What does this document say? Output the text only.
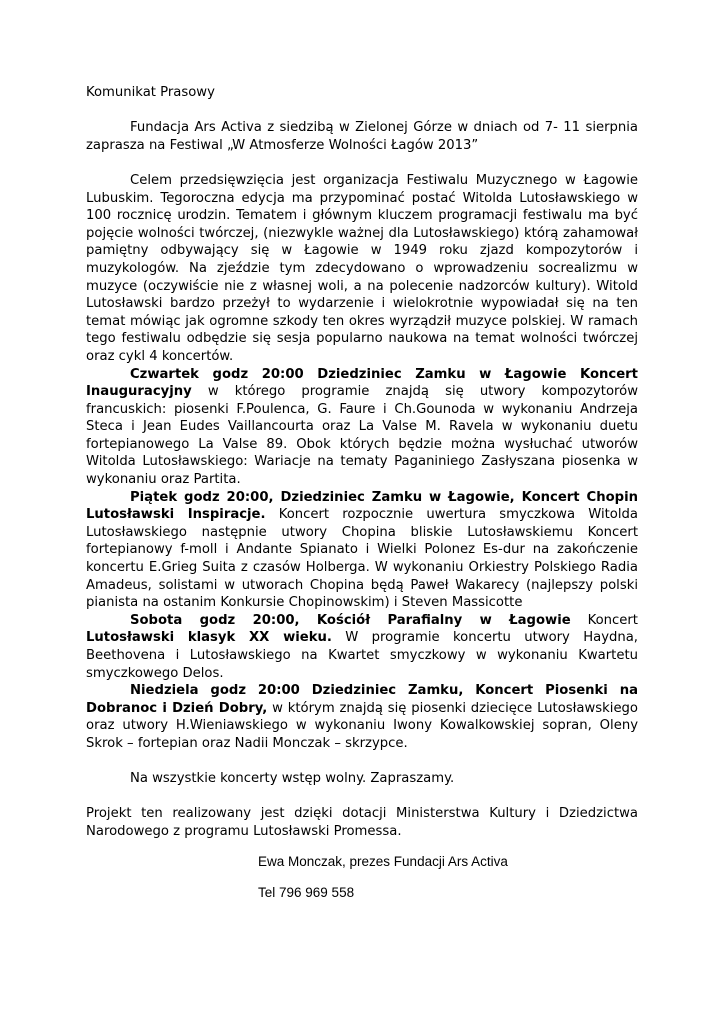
Komunikat Prasowy

Fundacja Ars Activa z siedzibą w Zielonej Górze w dniach od 7- 11 sierpnia zaprasza na Festiwal „W Atmosferze Wolności Łagów 2013”

Celem przedsięwzięcia jest organizacja Festiwalu Muzycznego w Łagowie Lubuskim. Tegoroczna edycja ma przypominać postać Witolda Lutosławskiego w 100 rocznicę urodzin. Tematem i głównym kluczem programacji festiwalu ma być pojęcie wolności twórczej, (niezwykle ważnej dla Lutosławskiego) którą zahamował pamiętny odbywający się w Łagowie w 1949 roku zjazd kompozytorów i muzykologów. Na zjeździe tym zdecydowano o wprowadzeniu socrealizmu w muzyce (oczywiście nie z własnej woli, a na polecenie nadzorców kultury). Witold Lutosławski bardzo przeżył to wydarzenie i wielokrotnie wypowiadał się na ten temat mówiąc jak ogromne szkody ten okres wyrządził muzyce polskiej. W ramach tego festiwalu odbędzie się sesja popularno naukowa na temat wolności twórczej oraz cykl 4 koncertów.

Czwartek godz 20:00 Dziedziniec Zamku w Łagowie Koncert Inauguracyjny w którego programie znajdą się utwory kompozytorów francuskich: piosenki F.Poulenca, G. Faure i Ch.Gounoda w wykonaniu Andrzeja Steca i Jean Eudes Vaillancourta oraz La Valse M. Ravela w wykonaniu duetu fortepianowego La Valse 89. Obok których będzie można wysłuchać utworów Witolda Lutosławskiego: Wariacje na tematy Paganiniego Zasłyszana piosenka w wykonaniu oraz Partita.

Piątek godz 20:00, Dziedziniec Zamku w Łagowie, Koncert Chopin Lutosławski Inspiracje. Koncert rozpocznie uwertura smyczkowa Witolda Lutosławskiego następnie utwory Chopina bliskie Lutosławskiemu Koncert fortepianowy f-moll i Andante Spianato i Wielki Polonez Es-dur na zakończenie koncertu E.Grieg Suita z czasów Holberga. W wykonaniu Orkiestry Polskiego Radia Amadeus, solistami w utworach Chopina będą Paweł Wakarecy (najlepszy polski pianista na ostanim Konkursie Chopinowskim) i Steven Massicotte

Sobota godz 20:00, Kościół Parafialny w Łagowie Koncert Lutosławski klasyk XX wieku. W programie koncertu utwory Haydna, Beethovena i Lutosławskiego na Kwartet smyczkowy w wykonaniu Kwartetu smyczkowego Delos.

Niedziela godz 20:00 Dziedziniec Zamku, Koncert Piosenki na Dobranoc i Dzień Dobry, w którym znajdą się piosenki dziecięce Lutosławskiego oraz utwory H.Wieniawskiego w wykonaniu Iwony Kowalkowskiej sopran, Oleny Skrok – fortepian oraz Nadii Monczak – skrzypce.

Na wszystkie koncerty wstęp wolny. Zapraszamy.

Projekt ten realizowany jest dzięki dotacji Ministerstwa Kultury i Dziedzictwa Narodowego z programu Lutosławski Promessa.

Ewa Monczak, prezes Fundacji Ars Activa
Tel 796 969 558
